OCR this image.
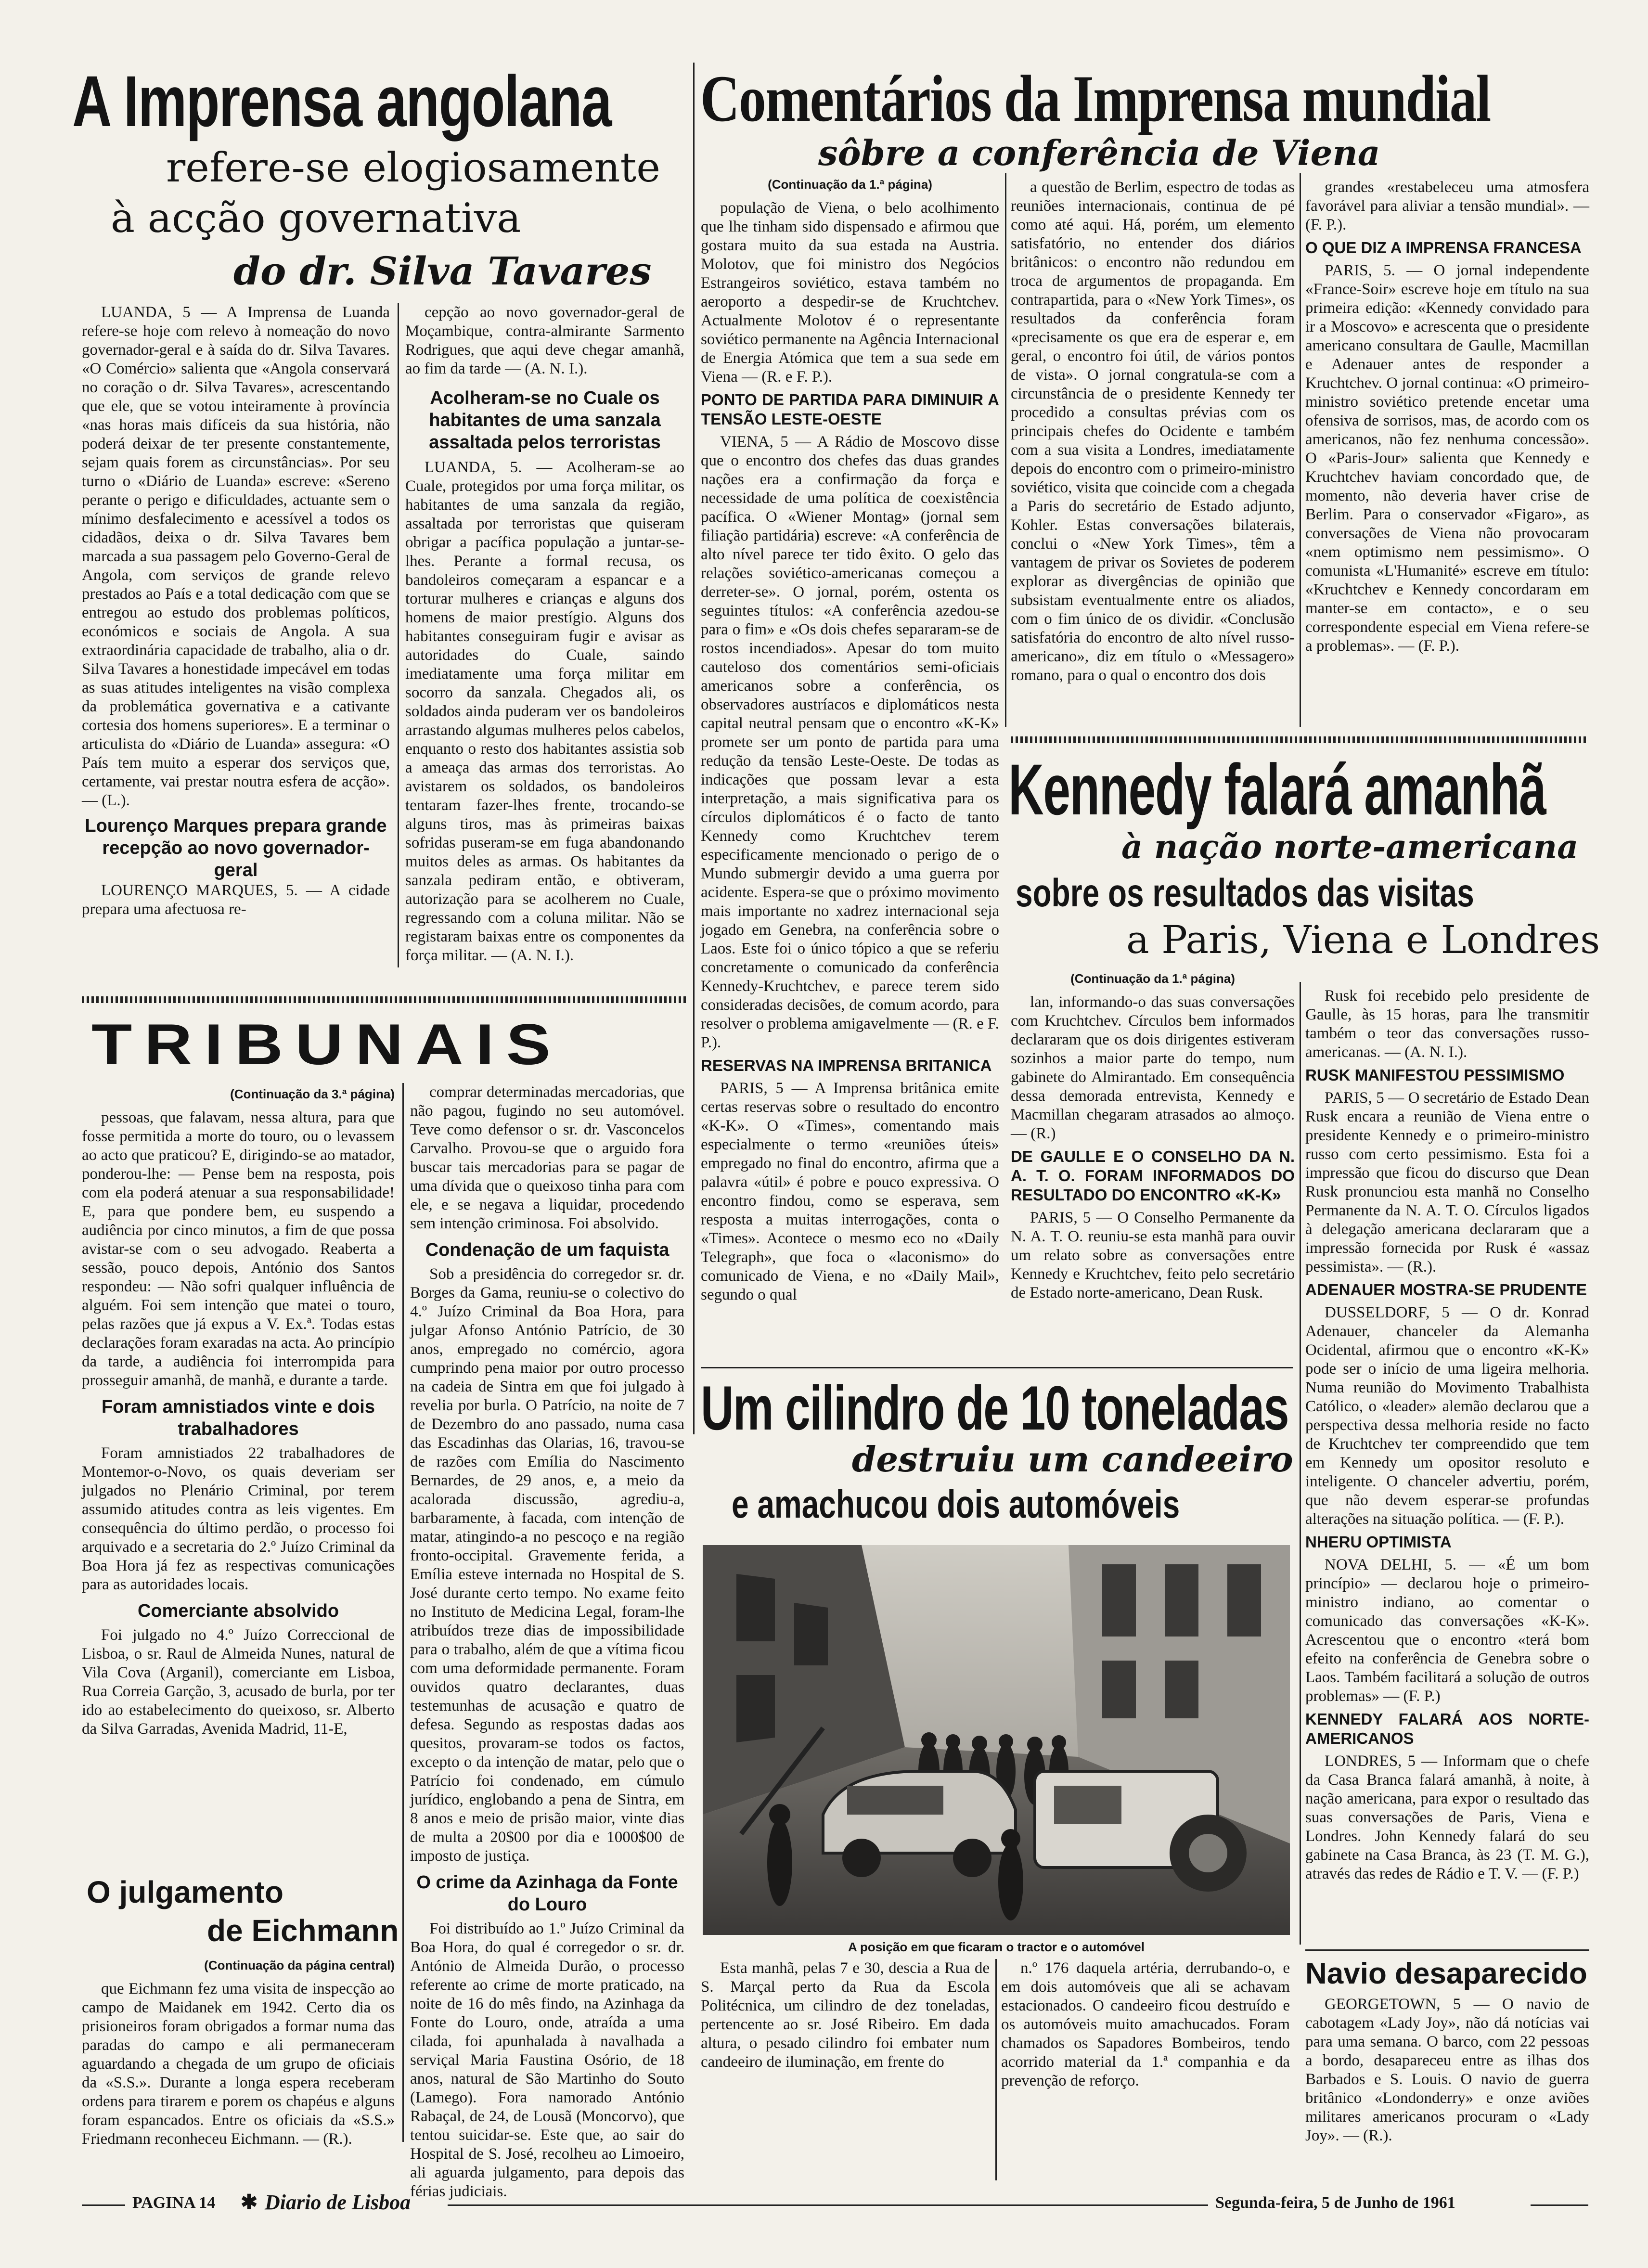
A Imprensa angolana
refere-se elogiosamente
à acção governativa
do dr. Silva Tavares

LUANDA, 5 — A Imprensa de Luanda refere-se hoje com relevo à nomeação do novo governador-geral e à saída do dr. Silva Tavares. «O Comércio» salienta que «Angola conservará no coração o dr. Silva Tavares», acrescentando que ele, que se votou inteiramente à província «nas horas mais difíceis da sua história, não poderá deixar de ter presente constantemente, sejam quais forem as circunstâncias». Por seu turno o «Diário de Luanda» escreve: «Sereno perante o perigo e dificuldades, actuante sem o mínimo desfalecimento e acessível a todos os cidadãos, deixa o dr. Silva Tavares bem marcada a sua passagem pelo Governo-Geral de Angola, com serviços de grande relevo prestados ao País e a total dedicação com que se entregou ao estudo dos problemas políticos, económicos e sociais de Angola. A sua extraordinária capacidade de trabalho, alia o dr. Silva Tavares a honestidade impecável em todas as suas atitudes inteligentes na visão complexa da problemática governativa e a cativante cortesia dos homens superiores». E a terminar o articulista do «Diário de Luanda» assegura: «O País tem muito a esperar dos serviços que, certamente, vai prestar noutra esfera de acção». — (L.).

Lourenço Marques prepara grande recepção ao novo governador-geral

LOURENÇO MARQUES, 5. — A cidade prepara uma afectuosa re-

cepção ao novo governador-geral de Moçambique, contra-almirante Sarmento Rodrigues, que aqui deve chegar amanhã, ao fim da tarde — (A. N. I.).

Acolheram-se no Cuale os habitantes de uma sanzala assaltada pelos terroristas

LUANDA, 5. — Acolheram-se ao Cuale, protegidos por uma força militar, os habitantes de uma sanzala da região, assaltada por terroristas que quiseram obrigar a pacífica população a juntar-se-lhes. Perante a formal recusa, os bandoleiros começaram a espancar e a torturar mulheres e crianças e alguns dos homens de maior prestígio. Alguns dos habitantes conseguiram fugir e avisar as autoridades do Cuale, saindo imediatamente uma força militar em socorro da sanzala. Chegados ali, os soldados ainda puderam ver os bandoleiros arrastando algumas mulheres pelos cabelos, enquanto o resto dos habitantes assistia sob a ameaça das armas dos terroristas. Ao avistarem os soldados, os bandoleiros tentaram fazer-lhes frente, trocando-se alguns tiros, mas às primeiras baixas sofridas puseram-se em fuga abandonando muitos deles as armas. Os habitantes da sanzala pediram então, e obtiveram, autorização para se acolherem no Cuale, regressando com a coluna militar. Não se registaram baixas entre os componentes da força militar. — (A. N. I.).

TRIBUNAIS
(Continuação da 3.ª página)

pessoas, que falavam, nessa altura, para que fosse permitida a morte do touro, ou o levassem ao acto que praticou? E, dirigindo-se ao matador, ponderou-lhe: — Pense bem na resposta, pois com ela poderá atenuar a sua responsabilidade! E, para que ponderе bem, eu suspendo a audiência por cinco minutos, a fim de que possa avistar-se com o seu advogado. Reaberta a sessão, pouco depois, António dos Santos respondeu: — Não sofri qualquer influência de alguém. Foi sem intenção que matei o touro, pelas razões que já expus a V. Ex.ª. Todas estas declarações foram exaradas na acta. Ao princípio da tarde, a audiência foi interrompida para prosseguir amanhã, de manhã, e durante a tarde.

Foram amnistiados vinte e dois trabalhadores

Foram amnistiados 22 trabalhadores de Montemor-o-Novo, os quais deveriam ser julgados no Plenário Criminal, por terem assumido atitudes contra as leis vigentes. Em consequência do último perdão, o processo foi arquivado e a secretaria do 2.º Juízo Criminal da Boa Hora já fez as respectivas comunicações para as autoridades locais.

Comerciante absolvido

Foi julgado no 4.º Juízo Correccional de Lisboa, o sr. Raul de Almeida Nunes, natural de Vila Cova (Arganil), comerciante em Lisboa, Rua Correia Garção, 3, acusado de burla, por ter ido ao estabelecimento do queixoso, sr. Alberto da Silva Garradas, Avenida Madrid, 11-E,

comprar determinadas mercadorias, que não pagou, fugindo no seu automóvel. Teve como defensor o sr. dr. Vasconcelos Carvalho. Provou-se que o arguido fora buscar tais mercadorias para se pagar de uma dívida que o queixoso tinha para com ele, e se negava a liquidar, procedendo sem intenção criminosa. Foi absolvido.

Condenação de um faquista

Sob a presidência do corregedor sr. dr. Borges da Gama, reuniu-se o colectivo do 4.º Juízo Criminal da Boa Hora, para julgar Afonso António Patrício, de 30 anos, empregado no comércio, agora cumprindo pena maior por outro processo na cadeia de Sintra em que foi julgado à revelia por burla. O Patrício, na noite de 7 de Dezembro do ano passado, numa casa das Escadinhas das Olarias, 16, travou-se de razões com Emília do Nascimento Bernardes, de 29 anos, e, a meio da acalorada discussão, agrediu-a, barbaramente, à facada, com intenção de matar, atingindo-a no pescoço e na região fronto-occipital. Gravemente ferida, a Emília esteve internada no Hospital de S. José durante certo tempo. No exame feito no Instituto de Medicina Legal, foram-lhe atribuídos treze dias de impossibilidade para o trabalho, além de que a vítima ficou com uma deformidade permanente. Foram ouvidos quatro declarantes, duas testemunhas de acusação e quatro de defesa. Segundo as respostas dadas aos quesitos, provaram-se todos os factos, excepto o da intenção de matar, pelo que o Patrício foi condenado, em cúmulo jurídico, englobando a pena de Sintra, em 8 anos e meio de prisão maior, vinte dias de multa a 20$00 por dia e 1000$00 de imposto de justiça.

O crime da Azinhaga da Fonte do Louro

Foi distribuído ao 1.º Juízo Criminal da Boa Hora, do qual é corregedor o sr. dr. António de Almeida Durão, o processo referente ao crime de morte praticado, na noite de 16 do mês findo, na Azinhaga da Fonte do Louro, onde, atraída a uma cilada, foi apunhalada à navalhada a serviçal Maria Faustina Osório, de 18 anos, natural de São Martinho do Souto (Lamego). Fora namorado António Rabaçal, de 24, de Lousã (Moncorvo), que tentou suicidar-se. Este que, ao sair do Hospital de S. José, recolheu ao Limoeiro, ali aguarda julgamento, para depois das férias judiciais.

O julgamento
de Eichmann
(Continuação da página central)

que Eichmann fez uma visita de inspecção ao campo de Maidanek em 1942. Certo dia os prisioneiros foram obrigados a formar numa das paradas do campo e ali permaneceram aguardando a chegada de um grupo de oficiais da «S.S.». Durante a longa espera receberam ordens para tirarem e porem os chapéus e alguns foram espancados. Entre os oficiais da «S.S.» Friedmann reconheceu Eichmann. — (R.).

Comentários da Imprensa mundial
sôbre a conferência de Viena
(Continuação da 1.ª página)

população de Viena, o belo acolhimento que lhe tinham sido dispensado e afirmou que gostara muito da sua estada na Austria. Molotov, que foi ministro dos Negócios Estrangeiros soviético, estava também no aeroporto a despedir-se de Kruchtchev. Actualmente Molotov é o representante soviético permanente na Agência Internacional de Energia Atómica que tem a sua sede em Viena — (R. e F. P.).

PONTO DE PARTIDA PARA DIMINUIR A TENSÃO LESTE-OESTE

VIENA, 5 — A Rádio de Moscovo disse que o encontro dos chefes das duas grandes nações era a confirmação da força e necessidade de uma política de coexistência pacífica. O «Wiener Montag» (jornal sem filiação partidária) escreve: «A conferência de alto nível parece ter tido êxito. O gelo das relações soviético-americanas começou a derreter-se». O jornal, porém, ostenta os seguintes títulos: «A conferência azedou-se para o fim» e «Os dois chefes separaram-se de rostos incendiados». Apesar do tom muito cauteloso dos comentários semi-oficiais americanos sobre a conferência, os observadores austríacos e diplomáticos nesta capital neutral pensam que o encontro «K-K» promete ser um ponto de partida para uma redução da tensão Leste-Oeste. De todas as indicações que possam levar a esta interpretação, a mais significativa para os círculos diplomáticos é o facto de tanto Kennedy como Kruchtchev terem especificamente mencionado o perigo de o Mundo submergir devido a uma guerra por acidente. Espera-se que o próximo movimento mais importante no xadrez internacional seja jogado em Genebra, na conferência sobre o Laos. Este foi o único tópico a que se referiu concretamente o comunicado da conferência Kennedy-Kruchtchev, e parece terem sido consideradas decisões, de comum acordo, para resolver o problema amigavelmente — (R. e F. P.).

RESERVAS NA IMPRENSA BRITANICA

PARIS, 5 — A Imprensa britânica emite certas reservas sobre o resultado do encontro «K-K». O «Times», comentando mais especialmente o termo «reuniões úteis» empregado no final do encontro, afirma que a palavra «útil» é pobre e pouco expressiva. O encontro findou, como se esperava, sem resposta a muitas interrogações, conta o «Times». Acontece o mesmo eco no «Daily Telegraph», que foca o «laconismo» do comunicado de Viena, e no «Daily Mail», segundo o qual

a questão de Berlim, espectro de todas as reuniões internacionais, continua de pé como até aqui. Há, porém, um elemento satisfatório, no entender dos diários britânicos: o encontro não redundou em troca de argumentos de propaganda. Em contrapartida, para o «New York Times», os resultados da conferência foram «precisamente os que era de esperar e, em geral, o encontro foi útil, de vários pontos de vista». O jornal congratula-se com a circunstância de o presidente Kennedy ter procedido a consultas prévias com os principais chefes do Ocidente e também com a sua visita a Londres, imediatamente depois do encontro com o primeiro-ministro soviético, visita que coincide com a chegada a Paris do secretário de Estado adjunto, Kohler. Estas conversações bilaterais, conclui o «New York Times», têm a vantagem de privar os Sovietes de poderem explorar as divergências de opinião que subsistam eventualmente entre os aliados, com o fim único de os dividir. «Conclusão satisfatória do encontro de alto nível russo-americano», diz em título o «Messagero» romano, para o qual o encontro dos dois

grandes «restabeleceu uma atmosfera favorável para aliviar a tensão mundial». — (F. P.).

O QUE DIZ A IMPRENSA FRANCESA

PARIS, 5. — O jornal independente «France-Soir» escreve hoje em título na sua primeira edição: «Kennedy convidado para ir a Moscovo» e acrescenta que o presidente americano consultara de Gaulle, Macmillan e Adenauer antes de responder a Kruchtchev. O jornal continua: «O primeiro-ministro soviético pretende encetar uma ofensiva de sorrisos, mas, de acordo com os americanos, não fez nenhuma concessão». O «Paris-Jour» salienta que Kennedy e Kruchtchev haviam concordado que, de momento, não deveria haver crise de Berlim. Para o conservador «Figaro», as conversações de Viena não provocaram «nem optimismo nem pessimismo». O comunista «L'Humanité» escreve em título: «Kruchtchev e Kennedy concordaram em manter-se em contacto», e o seu correspondente especial em Viena refere-se a problemas». — (F. P.).

Kennedy falará amanhã
à nação norte-americana
sobre os resultados das visitas
a Paris, Viena e Londres
(Continuação da 1.ª página)

lan, informando-o das suas conversações com Kruchtchev. Círculos bem informados declararam que os dois dirigentes estiveram sozinhos a maior parte do tempo, num gabinete do Almirantado. Em consequência dessa demorada entrevista, Kennedy e Macmillan chegaram atrasados ao almoço. — (R.)

DE GAULLE E O CONSELHO DA N. A. T. O. FORAM INFORMADOS DO RESULTADO DO ENCONTRO «K-K»

PARIS, 5 — O Conselho Permanente da N. A. T. O. reuniu-se esta manhã para ouvir um relato sobre as conversações entre Kennedy e Kruchtchev, feito pelo secretário de Estado norte-americano, Dean Rusk.

Rusk foi recebido pelo presidente de Gaulle, às 15 horas, para lhe transmitir também o teor das conversações russo-americanas. — (A. N. I.).

RUSK MANIFESTOU PESSIMISMO

PARIS, 5 — O secretário de Estado Dean Rusk encara a reunião de Viena entre o presidente Kennedy e o primeiro-ministro russo com certo pessimismo. Esta foi a impressão que ficou do discurso que Dean Rusk pronunciou esta manhã no Conselho Permanente da N. A. T. O. Círculos ligados à delegação americana declararam que a impressão fornecida por Rusk é «assaz pessimista». — (R.).

ADENAUER MOSTRA-SE PRUDENTE

DUSSELDORF, 5 — O dr. Konrad Adenauer, chanceler da Alemanha Ocidental, afirmou que o encontro «K-K» pode ser o início de uma ligeira melhoria. Numa reunião do Movimento Trabalhista Católico, o «leader» alemão declarou que a perspectiva dessa melhoria reside no facto de Kruchtchev ter compreendido que tem em Kennedy um opositor resoluto e inteligente. O chanceler advertiu, porém, que não devem esperar-se profundas alterações na situação política. — (F. P.).

NHERU OPTIMISTA

NOVA DELHI, 5. — «É um bom princípio» — declarou hoje o primeiro-ministro indiano, ao comentar o comunicado das conversações «K-K». Acrescentou que o encontro «terá bom efeito na conferência de Genebra sobre o Laos. Também facilitará a solução de outros problemas» — (F. P.)

KENNEDY FALARÁ AOS NORTE-AMERICANOS

LONDRES, 5 — Informam que o chefe da Casa Branca falará amanhã, à noite, à nação americana, para expor o resultado das suas conversações de Paris, Viena e Londres. John Kennedy falará do seu gabinete na Casa Branca, às 23 (T. M. G.), através das redes de Rádio e T. V. — (F. P.)

Um cilindro de 10 toneladas
destruiu um candeeiro
e amachucou dois automóveis
A posição em que ficaram o tractor e o automóvel

Esta manhã, pelas 7 e 30, descia a Rua de S. Marçal perto da Rua da Escola Politécnica, um cilindro de dez toneladas, pertencente ao sr. José Ribeiro. Em dada altura, o pesado cilindro foi embater num candeeiro de iluminação, em frente do

n.º 176 daquela artéria, derrubando-o, e em dois automóveis que ali se achavam estacionados. O candeeiro ficou destruído e os automóveis muito amachucados. Foram chamados os Sapadores Bombeiros, tendo acorrido material da 1.ª companhia e da prevenção de reforço.

Navio desaparecido

GEORGETOWN, 5 — O navio de cabotagem «Lady Joy», não dá notícias vai para uma semana. O barco, com 22 pessoas a bordo, desapareceu entre as ilhas dos Barbados e S. Louis. O navio de guerra britânico «Londonderry» e onze aviões militares americanos procuram o «Lady Joy». — (R.).

PAGINA 14 ✱ Diario de Lisboa	Segunda-feira, 5 de Junho de 1961
